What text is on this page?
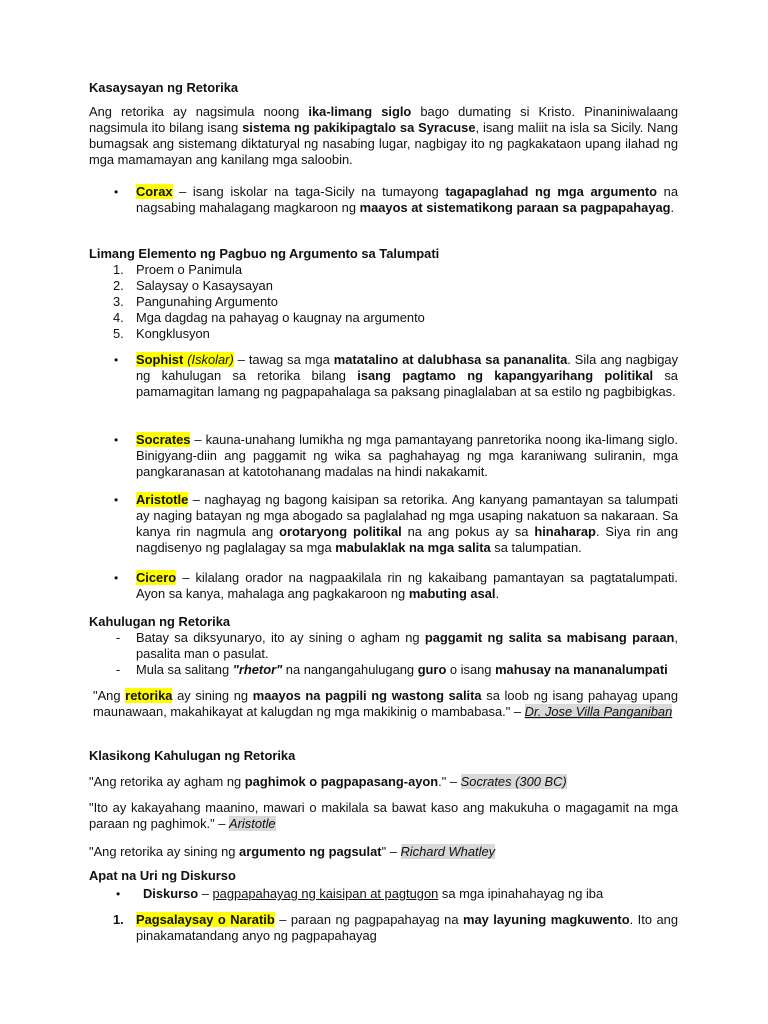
Kasaysayan ng Retorika
Ang retorika ay nagsimula noong ika-limang siglo bago dumating si Kristo. Pinaniniwalaang nagsimula ito bilang isang sistema ng pakikipagtalo sa Syracuse, isang maliit na isla sa Sicily. Nang bumagsak ang sistemang diktaturyal ng nasabing lugar, nagbigay ito ng pagkakataon upang ilahad ng mga mamamayan ang kanilang mga saloobin.
• Corax – isang iskolar na taga-Sicily na tumayong tagapaglahad ng mga argumento na nagsabing mahalagang magkaroon ng maayos at sistematikong paraan sa pagpapahayag.
Limang Elemento ng Pagbuo ng Argumento sa Talumpati
1. Proem o Panimula
2. Salaysay o Kasaysayan
3. Pangunahing Argumento
4. Mga dagdag na pahayag o kaugnay na argumento
5. Kongklusyon
• Sophist (Iskolar) – tawag sa mga matatalino at dalubhasa sa pananalita. Sila ang nagbigay ng kahulugan sa retorika bilang isang pagtamo ng kapangyarihang politikal sa pamamagitan lamang ng pagpapahalaga sa paksang pinaglalaban at sa estilo ng pagbibigkas.
• Socrates – kauna-unahang lumikha ng mga pamantayang panretorika noong ika-limang siglo. Binigyang-diin ang paggamit ng wika sa paghahayag ng mga karaniwang suliranin, mga pangkaranasan at katotohanang madalas na hindi nakakamit.
• Aristotle – naghayag ng bagong kaisipan sa retorika. Ang kanyang pamantayan sa talumpati ay naging batayan ng mga abogado sa paglalahad ng mga usaping nakatuon sa nakaraan. Sa kanya rin nagmula ang orotaryong politikal na ang pokus ay sa hinaharap. Siya rin ang nagdisenyo ng paglalagay sa mga mabulaklak na mga salita sa talumpatian.
• Cicero – kilalang orador na nagpaakilala rin ng kakaibang pamantayan sa pagtatalumpati. Ayon sa kanya, mahalaga ang pagkakaroon ng mabuting asal.
Kahulugan ng Retorika
- Batay sa diksyunaryo, ito ay sining o agham ng paggamit ng salita sa mabisang paraan, pasalita man o pasulat.
- Mula sa salitang "rhetor" na nangangahulugang guro o isang mahusay na mananalumpati
"Ang retorika ay sining ng maayos na pagpili ng wastong salita sa loob ng isang pahayag upang maunawaan, makahikayat at kalugdan ng mga makikinig o mambabasa." – Dr. Jose Villa Panganiban
Klasikong Kahulugan ng Retorika
"Ang retorika ay agham ng paghimok o pagpapasang-ayon." – Socrates (300 BC)
"Ito ay kakayahang maanino, mawari o makilala sa bawat kaso ang makukuha o magagamit na mga paraan ng paghimok." – Aristotle
"Ang retorika ay sining ng argumento ng pagsulat" – Richard Whatley
Apat na Uri ng Diskurso
• Diskurso – pagpapahayag ng kaisipan at pagtugon sa mga ipinahahayag ng iba
1. Pagsalaysay o Naratib – paraan ng pagpapahayag na may layuning magkuwento. Ito ang pinakamatandang anyo ng pagpapahayag
